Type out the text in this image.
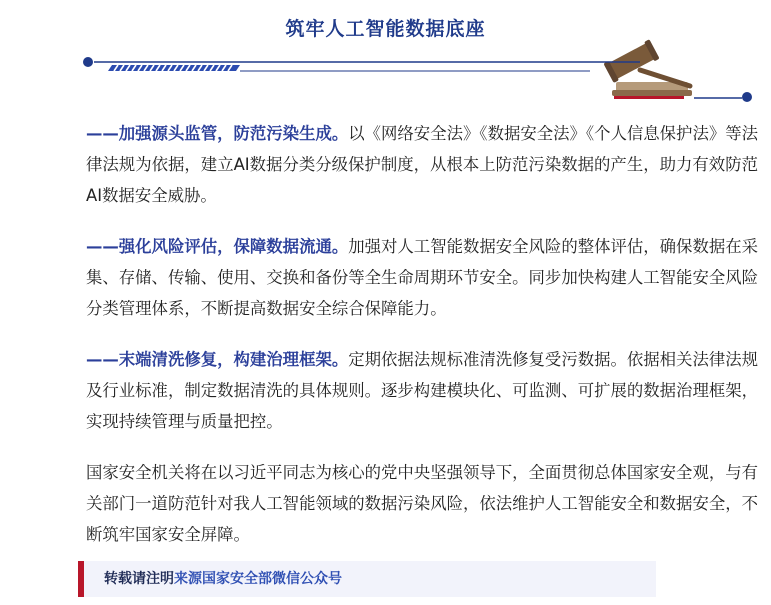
筑牢人工智能数据底座

——加强源头监管，防范污染生成。以《网络安全法》《数据安全法》《个人信息保护法》等法律法规为依据，建立AI数据分类分级保护制度，从根本上防范污染数据的产生，助力有效防范AI数据安全威胁。

——强化风险评估，保障数据流通。加强对人工智能数据安全风险的整体评估，确保数据在采集、存储、传输、使用、交换和备份等全生命周期环节安全。同步加快构建人工智能安全风险分类管理体系，不断提高数据安全综合保障能力。

——末端清洗修复，构建治理框架。定期依据法规标准清洗修复受污数据。依据相关法律法规及行业标准，制定数据清洗的具体规则。逐步构建模块化、可监测、可扩展的数据治理框架，实现持续管理与质量把控。

国家安全机关将在以习近平同志为核心的党中央坚强领导下，全面贯彻总体国家安全观，与有关部门一道防范针对我人工智能领域的数据污染风险，依法维护人工智能安全和数据安全，不断筑牢国家安全屏障。

转载请注明来源国家安全部微信公众号
